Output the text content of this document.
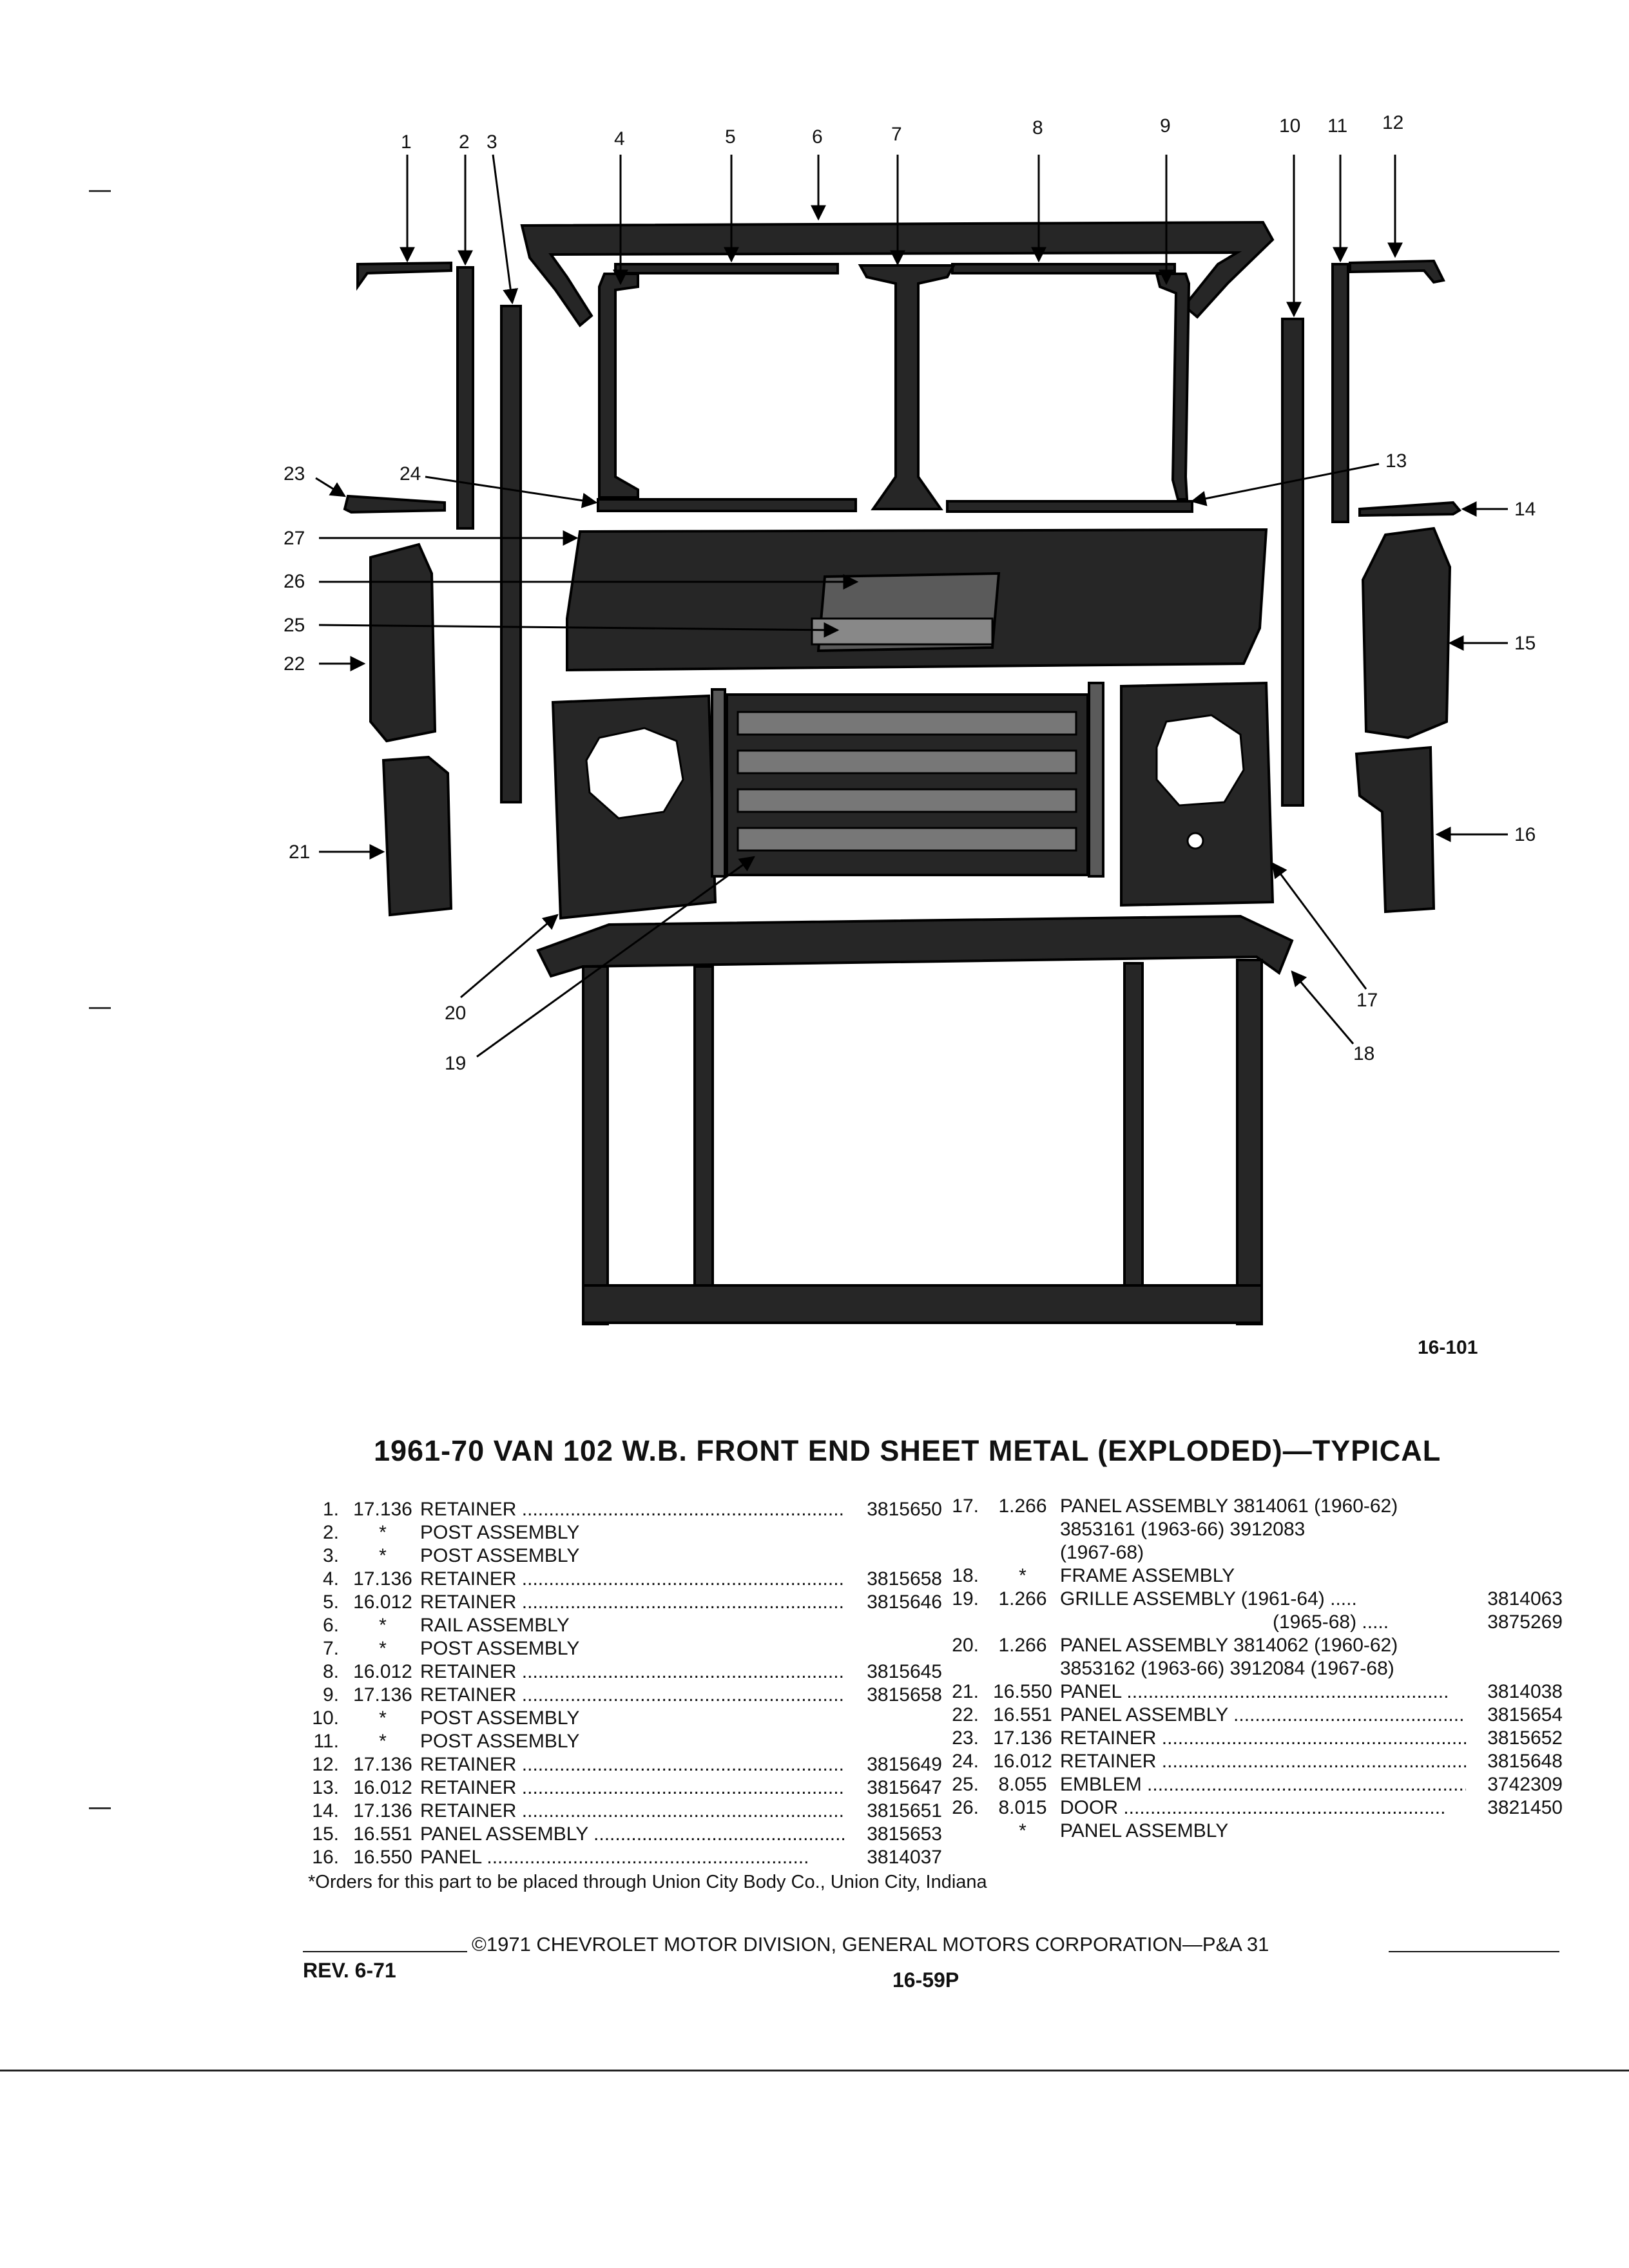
1 2 3	4	5	6	7	8	9	10 11 12
13
14
15
16
17
18
19
20
21
22
23	24
25
26
27
16-101
1961-70 VAN 102 W.B. FRONT END SHEET METAL (EXPLODED)—TYPICAL
1. 17.136 RETAINER .....	3815650
2.	*	POST ASSEMBLY
3.	*	POST ASSEMBLY
4. 17.136 RETAINER .....	3815658
5. 16.012 RETAINER .....	3815646
6.	*	RAIL ASSEMBLY
7.	*	POST ASSEMBLY
8. 16.012 RETAINER .....	3815645
9. 17.136 RETAINER .....	3815658
10.	*	POST ASSEMBLY
11.	*	POST ASSEMBLY
12. 17.136 RETAINER .....	3815649
13. 16.012 RETAINER .....	3815647
14. 17.136 RETAINER .....	3815651
15. 16.551 PANEL ASSEMBLY .....	3815653
16. 16.550 PANEL .....	3814037
17.	1.266 PANEL ASSEMBLY 3814061 (1960-62)
3853161 (1963-66) 3912083
(1967-68)
18.	*	FRAME ASSEMBLY
19.	1.266 GRILLE ASSEMBLY (1961-64) .....	3814063
(1965-68) .....	3875269
20.	1.266 PANEL ASSEMBLY 3814062 (1960-62)
3853162 (1963-66) 3912084 (1967-68)
21. 16.550 PANEL .....	3814038
22. 16.551 PANEL ASSEMBLY .....	3815654
23. 17.136 RETAINER .....	3815652
24. 16.012 RETAINER .....	3815648
25.	8.055 EMBLEM .....	3742309
26.	8.015 DOOR .....	3821450
*	PANEL ASSEMBLY
*Orders for this part to be placed through Union City Body Co., Union City, Indiana
©1971 CHEVROLET MOTOR DIVISION, GENERAL MOTORS CORPORATION—P&A 31
REV. 6-71	16-59P
